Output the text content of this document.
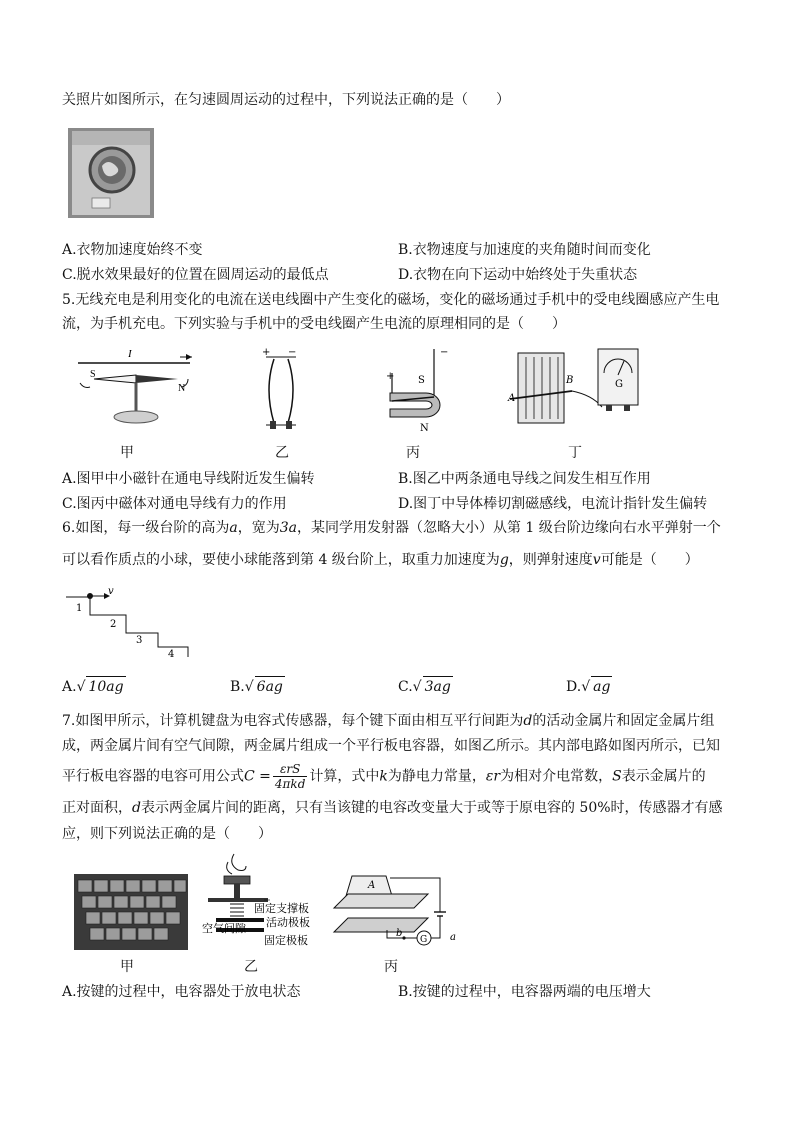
关照片如图所示，在匀速圆周运动的过程中，下列说法正确的是（　　）
A.衣物加速度始终不变	B.衣物速度与加速度的夹角随时间而变化
C.脱水效果最好的位置在圆周运动的最低点	D.衣物在向下运动中始终处于失重状态
5.无线充电是利用变化的电流在送电线圈中产生变化的磁场，变化的磁场通过手机中的受电线圈感应产生电
流，为手机充电。下列实验与手机中的受电线圈产生电流的原理相同的是（　　）
I
S
N
+ −	−
+ S
N
A
B	G
甲	乙	丙	丁
A.图甲中小磁针在通电导线附近发生偏转	B.图乙中两条通电导线之间发生相互作用
C.图丙中磁体对通电导线有力的作用	D.图丁中导体棒切割磁感线，电流计指针发生偏转
6.如图，每一级台阶的高为a，宽为3a，某同学用发射器（忽略大小）从第 1 级台阶边缘向右水平弹射一个
可以看作质点的小球，要使小球能落到第 4 级台阶上，取重力加速度为g，则弹射速度v可能是（　　）
v
1
2
3
4
A.√ 10ag	B.√ 6ag	C.√ 3ag	D.√ ag
7.如图甲所示，计算机键盘为电容式传感器，每个键下面由相互平行间距为d的活动金属片和固定金属片组
成，两金属片间有空气间隙，两金属片组成一个平行板电容器，如图乙所示。其内部电路如图丙所示，已知
平行板电容器的电容可用公式$C = \frac{\text{εrS}}{\text{4πkd}}$ 计算，式中k为静电力常量，εr为相对介电常数，S表示金属片的
正对面积，d表示两金属片间的距离，只有当该键的电容改变量大于或等于原电容的 50%时，传感器才有感
应，则下列说法正确的是（　　）
固定支撑板
活动极板
空气间隙
固定极板
A
a
G
b
甲	乙	丙
A.按键的过程中，电容器处于放电状态	B.按键的过程中，电容器两端的电压增大
